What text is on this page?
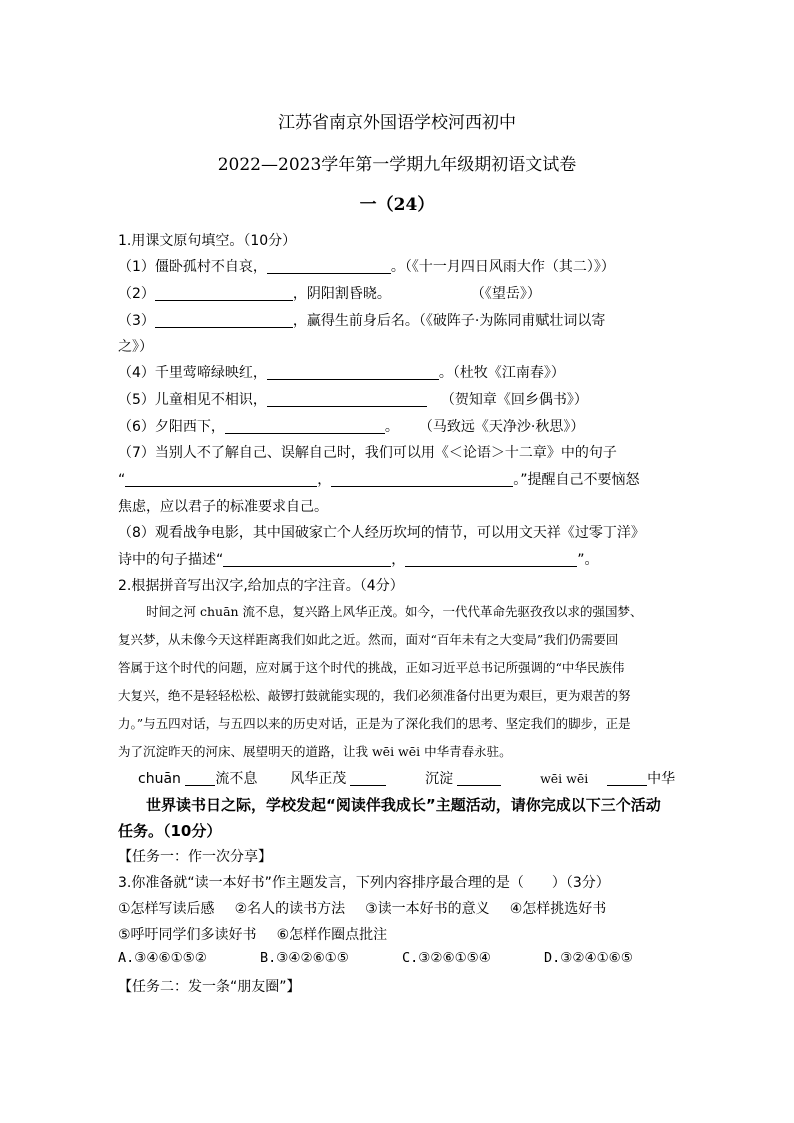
江苏省南京外国语学校河西初中
2022—2023学年第一学期九年级期初语文试卷
一（24）
1.用课文原句填空。（10分）
（1）僵卧孤村不自哀，	。（《十一月四日风雨大作（其二）》）
（2）	，阴阳割昏晓。	（《望岳》）
（3）	，赢得生前身后名。（《破阵子·为陈同甫赋壮词以寄
之》）
（4）千里莺啼绿映红，	。（杜牧《江南春》）
（5）儿童相见不相识，	（贺知章《回乡偶书》）
（6）夕阳西下，	。 （马致远《天净沙·秋思》）
（7）当别人不了解自己、误解自己时，我们可以用《＜论语＞十二章》中的句子
“	，	。”提醒自己不要恼怒
焦虑，应以君子的标准要求自己。
（8）观看战争电影，其中国破家亡个人经历坎坷的情节，可以用文天祥《过零丁洋》
诗中的句子描述“	，	”。
2.根据拼音写出汉字,给加点的字注音。（4分）
时间之河 chuān 流不息，复兴路上风华正茂。如今，一代代革命先驱孜孜以求的强国梦、
复兴梦，从未像今天这样距离我们如此之近。然而，面对“百年未有之大变局”我们仍需要回
答属于这个时代的问题，应对属于这个时代的挑战，正如习近平总书记所强调的“中华民族伟
大复兴，绝不是轻轻松松、敲锣打鼓就能实现的，我们必须准备付出更为艰巨，更为艰苦的努
力。”与五四对话，与五四以来的历史对话，正是为了深化我们的思考、坚定我们的脚步，正是
为了沉淀昨天的河床、展望明天的道路，让我 wēi wēi 中华青春永驻。
chuān 流不息 风华正茂	沉淀	wēi wēi	中华
世界读书日之际，学校发起“阅读伴我成长”主题活动，请你完成以下三个活动
任务。（10分）
【任务一：作一次分享】
3.你准备就“读一本好书”作主题发言，下列内容排序最合理的是（　　）（3分）
①怎样写读后感 ②名人的读书方法 ③读一本好书的意义 ④怎样挑选好书
⑤呼吁同学们多读好书 ⑥怎样作圈点批注
A.③④⑥①⑤②	B.③④②⑥①⑤	C.③②⑥①⑤④	D.③②④①⑥⑤
【任务二：发一条“朋友圈”】
